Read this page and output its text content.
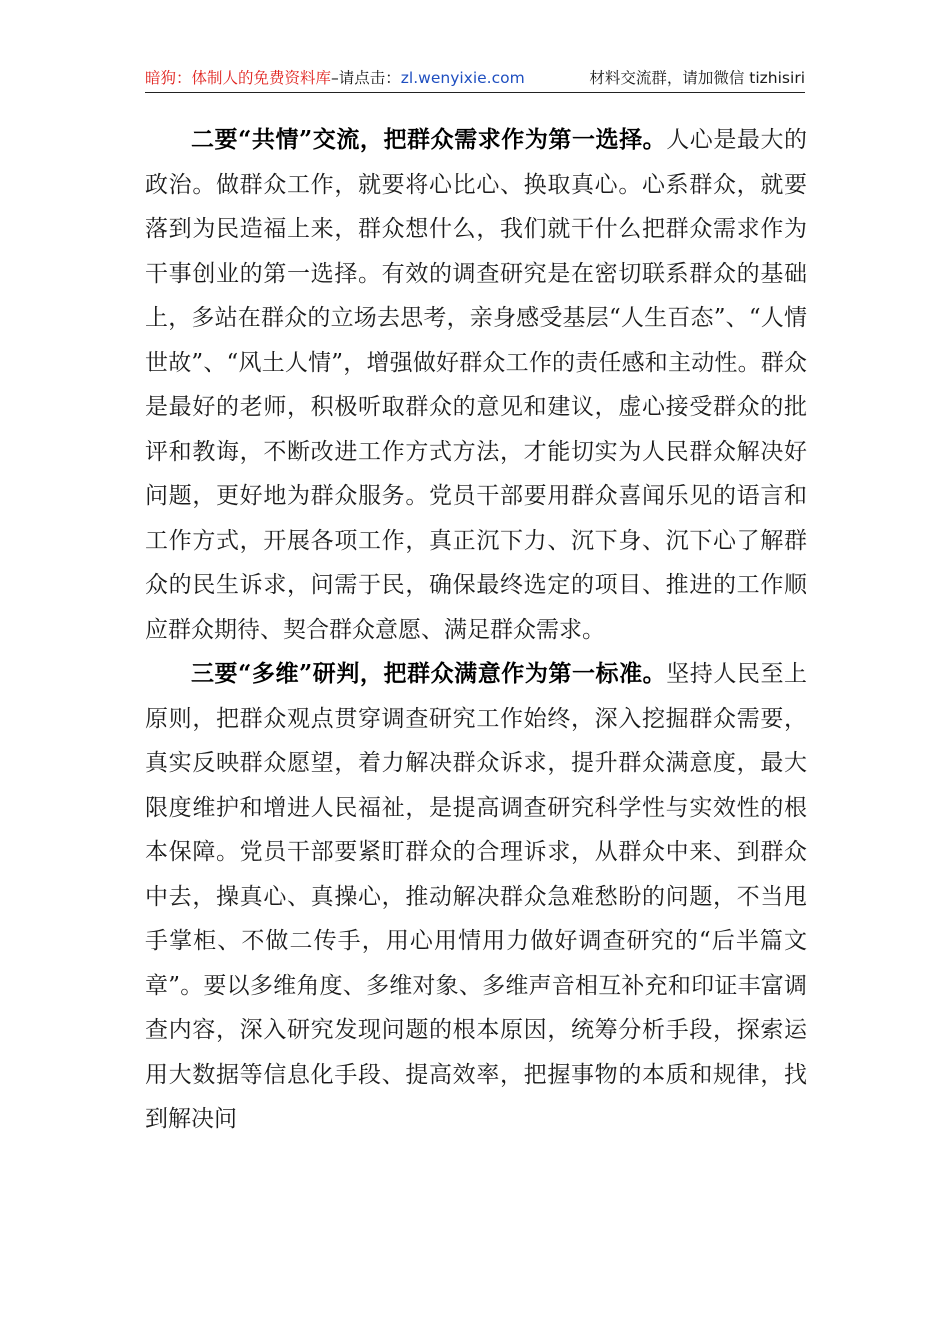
暗狗：体制人的免费资料库–请点击：zl.wenyixie.com	材料交流群，请加微信 tizhisiri

二要“共情”交流，把群众需求作为第一选择。人心是最大的政治。做群众工作，就要将心比心、换取真心。心系群众，就要落到为民造福上来，群众想什么，我们就干什么把群众需求作为干事创业的第一选择。有效的调查研究是在密切联系群众的基础上，多站在群众的立场去思考，亲身感受基层“人生百态”、“人情世故”、“风土人情”，增强做好群众工作的责任感和主动性。群众是最好的老师，积极听取群众的意见和建议，虚心接受群众的批评和教诲，不断改进工作方式方法，才能切实为人民群众解决好问题，更好地为群众服务。党员干部要用群众喜闻乐见的语言和工作方式，开展各项工作，真正沉下力、沉下身、沉下心了解群众的民生诉求，问需于民，确保最终选定的项目、推进的工作顺应群众期待、契合群众意愿、满足群众需求。

三要“多维”研判，把群众满意作为第一标准。坚持人民至上原则，把群众观点贯穿调查研究工作始终，深入挖掘群众需要，真实反映群众愿望，着力解决群众诉求，提升群众满意度，最大限度维护和增进人民福祉，是提高调查研究科学性与实效性的根本保障。党员干部要紧盯群众的合理诉求，从群众中来、到群众中去，操真心、真操心，推动解决群众急难愁盼的问题，不当甩手掌柜、不做二传手，用心用情用力做好调查研究的“后半篇文章”。要以多维角度、多维对象、多维声音相互补充和印证丰富调查内容，深入研究发现问题的根本原因，统筹分析手段，探索运用大数据等信息化手段、提高效率，把握事物的本质和规律，找到解决问
